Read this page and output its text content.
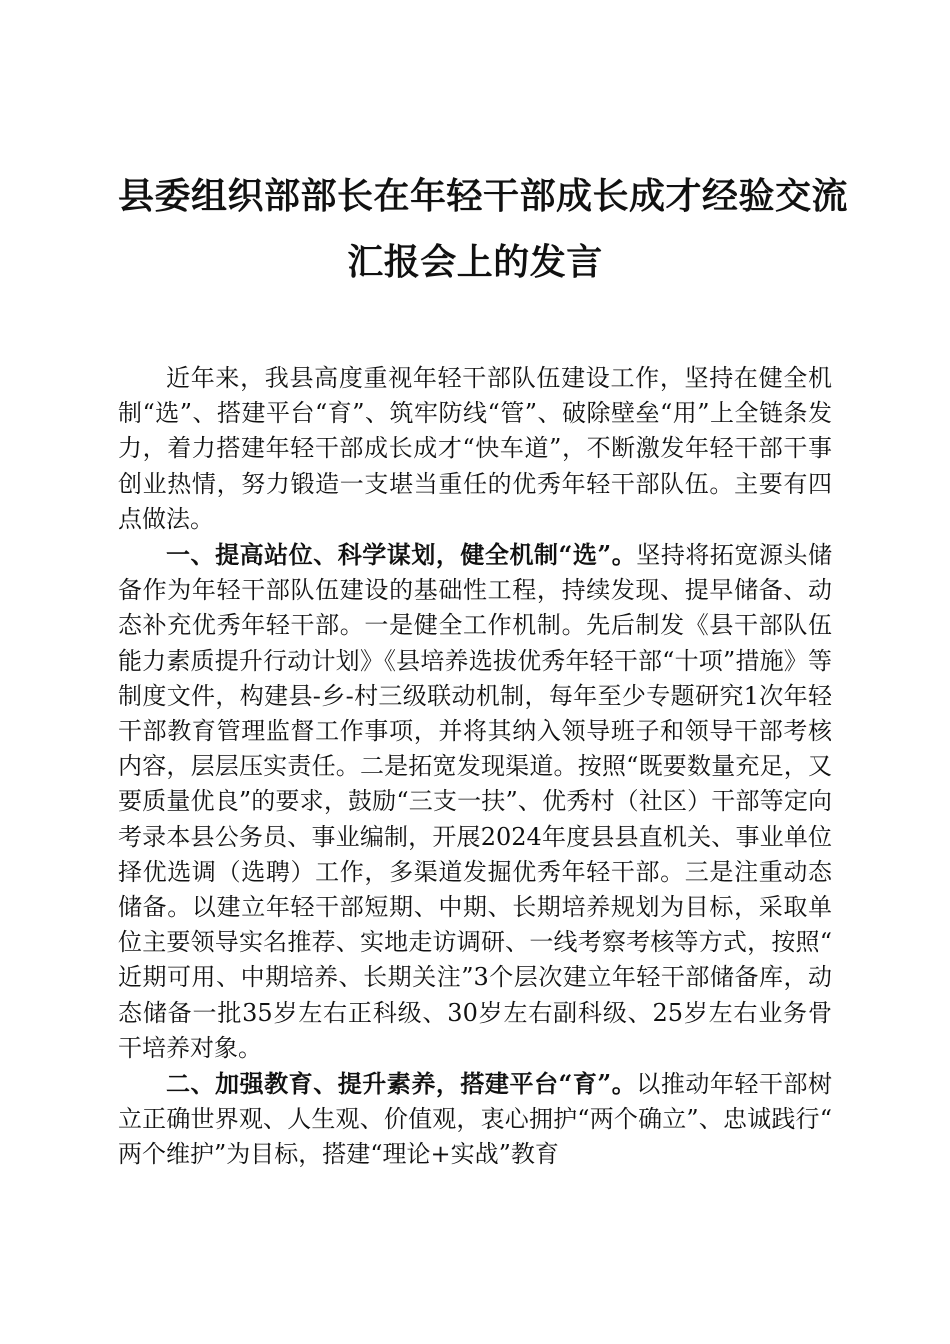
县委组织部部长在年轻干部成长成才经验交流
汇报会上的发言

近年来，我县高度重视年轻干部队伍建设工作，坚持在健全机制“选”、搭建平台“育”、筑牢防线“管”、破除壁垒“用”上全链条发力，着力搭建年轻干部成长成才“快车道”，不断激发年轻干部干事创业热情，努力锻造一支堪当重任的优秀年轻干部队伍。主要有四点做法。

一、提高站位、科学谋划，健全机制“选”。坚持将拓宽源头储备作为年轻干部队伍建设的基础性工程，持续发现、提早储备、动态补充优秀年轻干部。一是健全工作机制。先后制发《县干部队伍能力素质提升行动计划》《县培养选拔优秀年轻干部“十项”措施》等制度文件，构建县-乡-村三级联动机制，每年至少专题研究1次年轻干部教育管理监督工作事项，并将其纳入领导班子和领导干部考核内容，层层压实责任。二是拓宽发现渠道。按照“既要数量充足，又要质量优良”的要求，鼓励“三支一扶”、优秀村（社区）干部等定向考录本县公务员、事业编制，开展2024年度县县直机关、事业单位择优选调（选聘）工作，多渠道发掘优秀年轻干部。三是注重动态储备。以建立年轻干部短期、中期、长期培养规划为目标，采取单位主要领导实名推荐、实地走访调研、一线考察考核等方式，按照“近期可用、中期培养、长期关注”3个层次建立年轻干部储备库，动态储备一批35岁左右正科级、30岁左右副科级、25岁左右业务骨干培养对象。

二、加强教育、提升素养，搭建平台“育”。以推动年轻干部树立正确世界观、人生观、价值观，衷心拥护“两个确立”、忠诚践行“两个维护”为目标，搭建“理论+实战”教育
